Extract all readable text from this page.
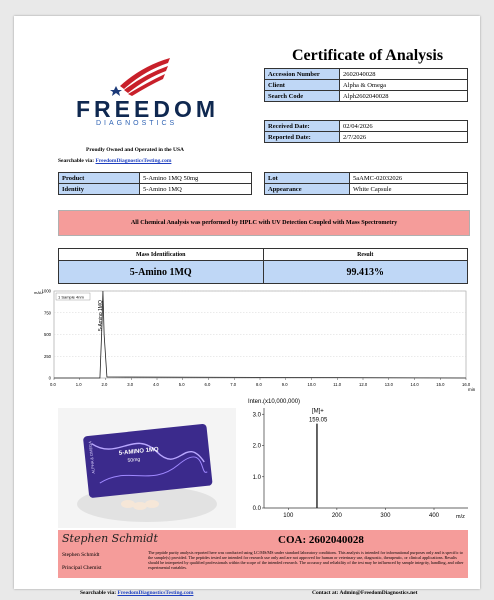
FREEDOM
DIAGNOSTICS
Proudly Owned and Operated in the USA
Searchable via: FreedomDiagnosticsTesting.com
Certificate of Analysis
Accession Number	2602040028
Client	Alpha & Omega
Search Code	Alph2602040028
Received Date:	02/04/2026
Reported Date:	2/7/2026
Product	5-Amino 1MQ 50mg
Identity	5-Amino 1MQ
Lot	5aAMC-02032026
Appearance	White Capsule
All Chemical Analysis was performed by HPLC with UV Detection Coupled with Mass Spectrometry
Mass Identification	Result
5-Amino 1MQ	99.413%
0.0	1.0	2.0	3.0	4.0	5.0	6.0	7.0	8.0	9.0	10.0	11.0	12.0	13.0	14.0	15.0	16.0
0
250
500
750
1000
mAU
1 Sample 4nm
5-Amino 1MQ
min
5-AMINO 1MQ
50mg
ALPHA & OMEGA
Inten.(x10,000,000)
0.0
1.0
2.0
3.0
100	200	300	400
159.05
[M]+
m/z
Stephen Schmidt	COA: 2602040028
Stephen Schmidt
Principal Chemist
The peptide purity analysis reported here was conducted using LC/MS/MS under standard laboratory conditions. This analysis is intended for informational purposes only and is specific to the sample(s) provided. The peptides tested are intended for research use only and are not approved for human or veterinary use, diagnostic, therapeutic, or clinical applications. Results should be interpreted by qualified professionals within the scope of the intended research. The accuracy and reliability of the test may be influenced by sample integrity, handling, and other experimental variables.
Searchable via: FreedomDiagnosticsTesting.com	Contact at: Admin@FreedomDiagnostics.net
